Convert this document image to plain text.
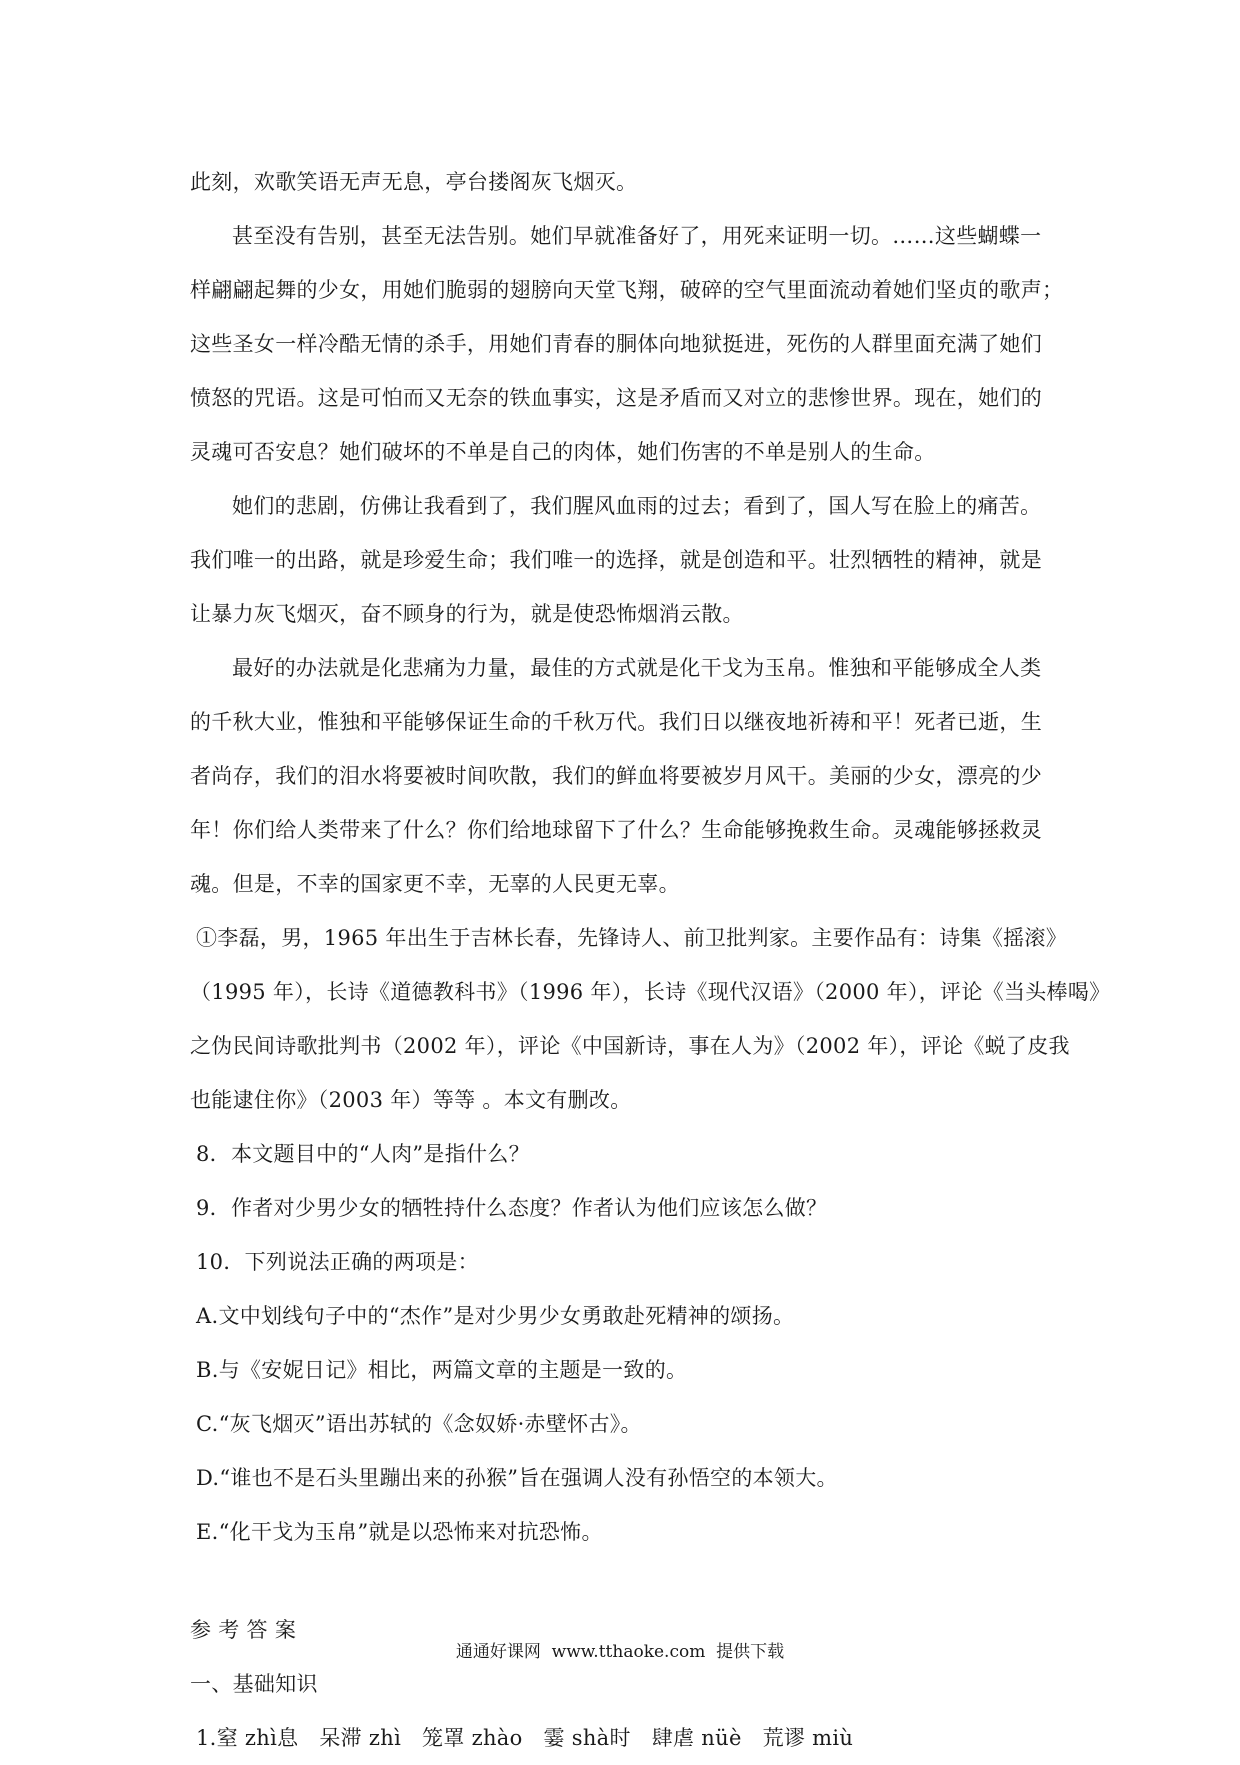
此刻，欢歌笑语无声无息，亭台搂阁灰飞烟灭。
甚至没有告别，甚至无法告别。她们早就准备好了，用死来证明一切。……这些蝴蝶一
样翩翩起舞的少女，用她们脆弱的翅膀向天堂飞翔，破碎的空气里面流动着她们坚贞的歌声；
这些圣女一样冷酷无情的杀手，用她们青春的胴体向地狱挺进，死伤的人群里面充满了她们
愤怒的咒语。这是可怕而又无奈的铁血事实，这是矛盾而又对立的悲惨世界。现在，她们的
灵魂可否安息？她们破坏的不单是自己的肉体，她们伤害的不单是别人的生命。
她们的悲剧，仿佛让我看到了，我们腥风血雨的过去；看到了，国人写在脸上的痛苦。
我们唯一的出路，就是珍爱生命；我们唯一的选择，就是创造和平。壮烈牺牲的精神，就是
让暴力灰飞烟灭，奋不顾身的行为，就是使恐怖烟消云散。
最好的办法就是化悲痛为力量，最佳的方式就是化干戈为玉帛。惟独和平能够成全人类
的千秋大业，惟独和平能够保证生命的千秋万代。我们日以继夜地祈祷和平！死者已逝，生
者尚存，我们的泪水将要被时间吹散，我们的鲜血将要被岁月风干。美丽的少女，漂亮的少
年！你们给人类带来了什么？你们给地球留下了什么？生命能够挽救生命。灵魂能够拯救灵
魂。但是，不幸的国家更不幸，无辜的人民更无辜。
①李磊，男，1965 年出生于吉林长春，先锋诗人、前卫批判家。主要作品有：诗集《摇滚》
（1995 年），长诗《道德教科书》（1996 年），长诗《现代汉语》（2000 年），评论《当头棒喝》
之伪民间诗歌批判书（2002 年），评论《中国新诗，事在人为》（2002 年），评论《蜕了皮我
也能逮住你》（2003 年）等等 。本文有删改。
8．本文题目中的“人肉”是指什么？
9．作者对少男少女的牺牲持什么态度？作者认为他们应该怎么做？
10．下列说法正确的两项是：
A.文中划线句子中的“杰作”是对少男少女勇敢赴死精神的颂扬。
B.与《安妮日记》相比，两篇文章的主题是一致的。
C.“灰飞烟灭”语出苏轼的《念奴娇·赤壁怀古》。
D.“谁也不是石头里蹦出来的孙猴”旨在强调人没有孙悟空的本领大。
E.“化干戈为玉帛”就是以恐怖来对抗恐怖。
参 考 答 案
一、基础知识
1.窒 zhì息   呆滞 zhì   笼罩 zhào   霎 shà时   肆虐 nüè   荒谬 miù
通通好课网  www.tthaoke.com  提供下载
